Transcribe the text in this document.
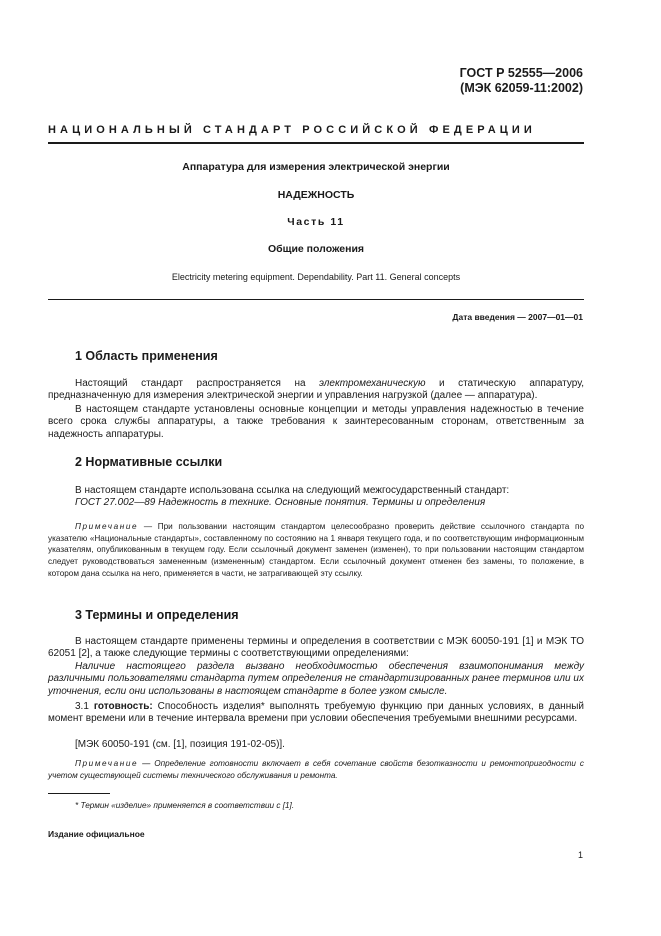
ГОСТ Р 52555—2006
(МЭК 62059-11:2002)
НАЦИОНАЛЬНЫЙ СТАНДАРТ РОССИЙСКОЙ ФЕДЕРАЦИИ
Аппаратура для измерения электрической энергии
НАДЕЖНОСТЬ
Часть 11
Общие положения
Electricity metering equipment. Dependability. Part 11. General concepts
Дата введения — 2007—01—01
1 Область применения
Настоящий стандарт распространяется на электромеханическую и статическую аппаратуру, предназначенную для измерения электрической энергии и управления нагрузкой (далее — аппаратура).
В настоящем стандарте установлены основные концепции и методы управления надежностью в течение всего срока службы аппаратуры, а также требования к заинтересованным сторонам, ответственным за надежность аппаратуры.
2 Нормативные ссылки
В настоящем стандарте использована ссылка на следующий межгосударственный стандарт:
ГОСТ 27.002—89 Надежность в технике. Основные понятия. Термины и определения
Примечание — При пользовании настоящим стандартом целесообразно проверить действие ссылочного стандарта по указателю «Национальные стандарты», составленному по состоянию на 1 января текущего года, и по соответствующим информационным указателям, опубликованным в текущем году. Если ссылочный документ заменен (изменен), то при пользовании настоящим стандартом следует руководствоваться замененным (измененным) стандартом. Если ссылочный документ отменен без замены, то положение, в котором дана ссылка на него, применяется в части, не затрагивающей эту ссылку.
3 Термины и определения
В настоящем стандарте применены термины и определения в соответствии с МЭК 60050-191 [1] и МЭК ТО 62051 [2], а также следующие термины с соответствующими определениями:
Наличие настоящего раздела вызвано необходимостью обеспечения взаимопонимания между различными пользователями стандарта путем определения не стандартизированных ранее терминов или их уточнения, если они использованы в настоящем стандарте в более узком смысле.
3.1 готовность: Способность изделия* выполнять требуемую функцию при данных условиях, в данный момент времени или в течение интервала времени при условии обеспечения требуемыми внешними ресурсами.
[МЭК 60050-191 (см. [1], позиция 191-02-05)].
Примечание — Определение готовности включает в себя сочетание свойств безотказности и ремонтопригодности с учетом существующей системы технического обслуживания и ремонта.
* Термин «изделие» применяется в соответствии с [1].
Издание официальное
1
